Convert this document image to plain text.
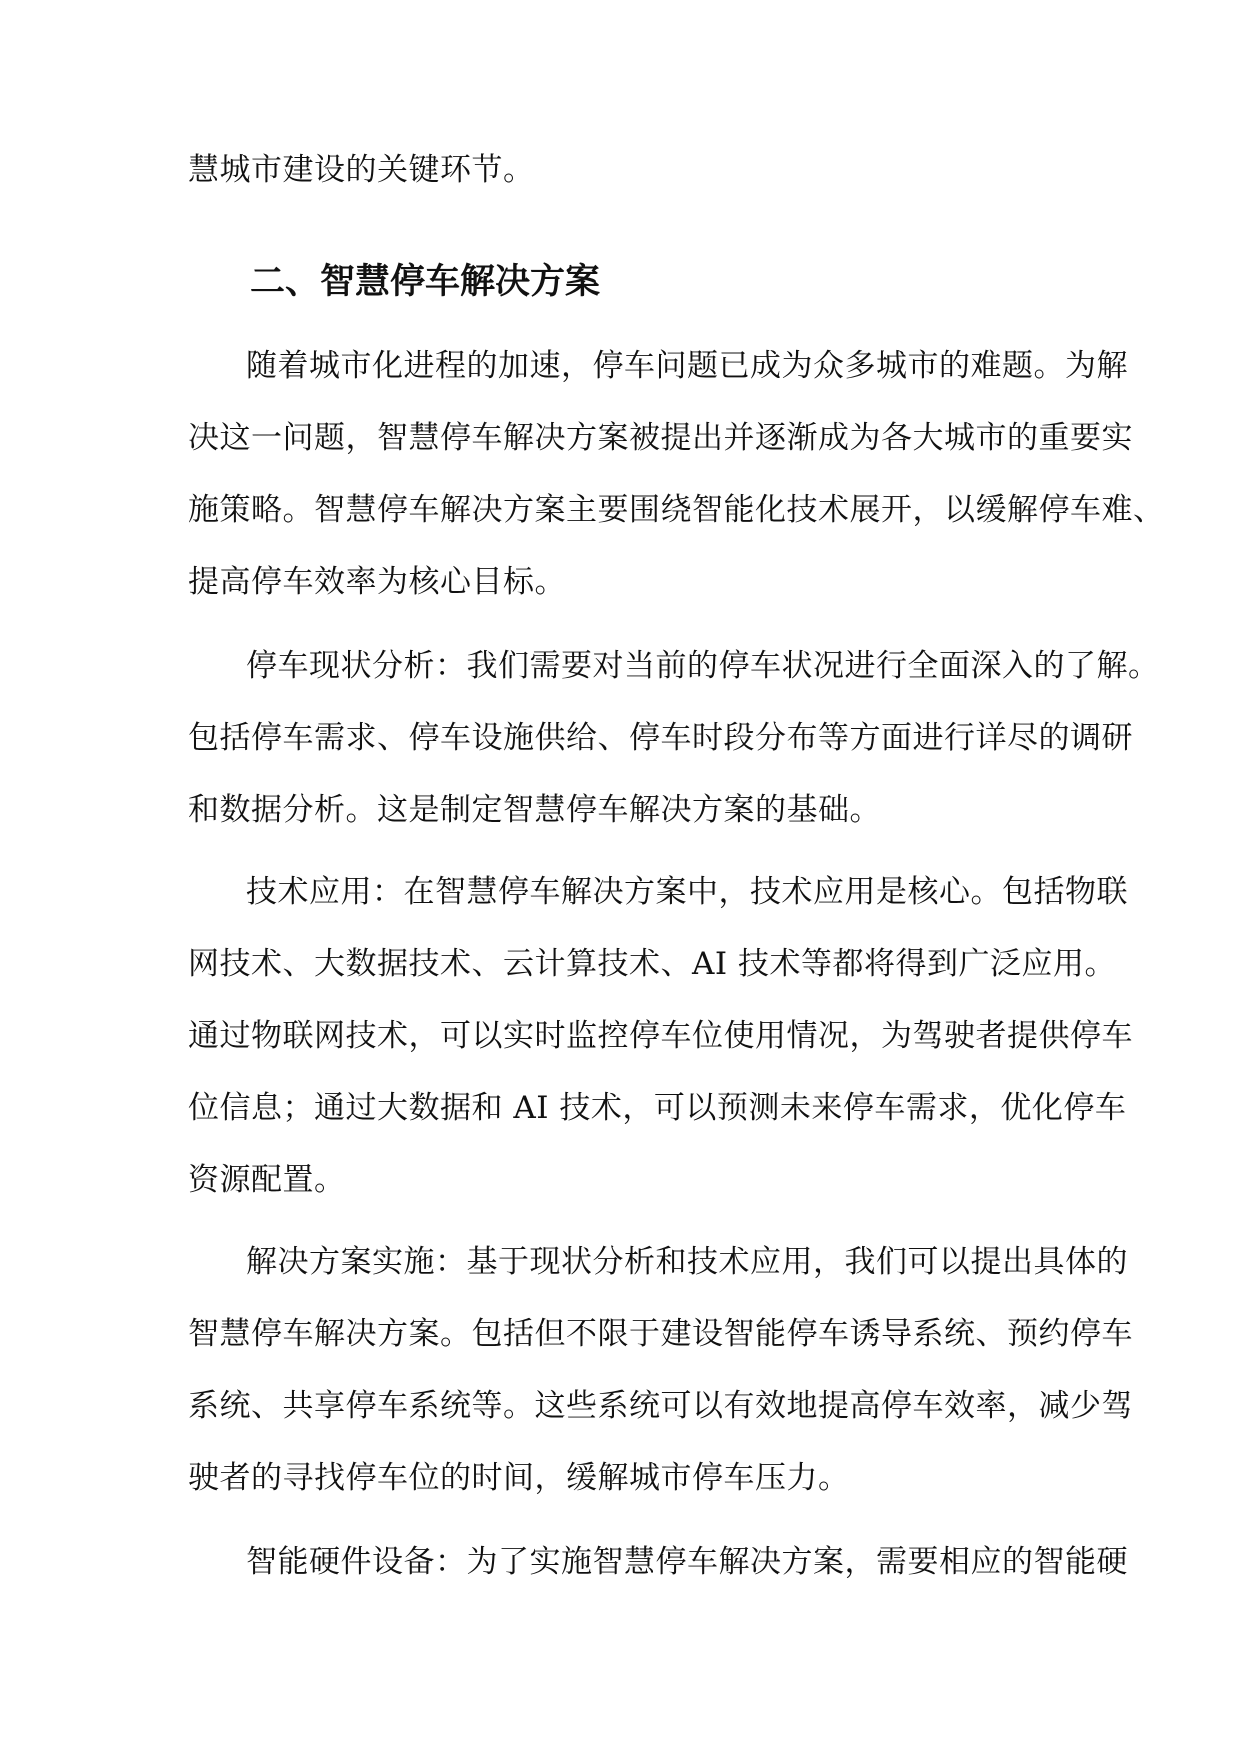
慧城市建设的关键环节。
二、智慧停车解决方案
随着城市化进程的加速，停车问题已成为众多城市的难题。为解
决这一问题，智慧停车解决方案被提出并逐渐成为各大城市的重要实
施策略。智慧停车解决方案主要围绕智能化技术展开，以缓解停车难、
提高停车效率为核心目标。
停车现状分析：我们需要对当前的停车状况进行全面深入的了解。
包括停车需求、停车设施供给、停车时段分布等方面进行详尽的调研
和数据分析。这是制定智慧停车解决方案的基础。
技术应用：在智慧停车解决方案中，技术应用是核心。包括物联
网技术、大数据技术、云计算技术、AI 技术等都将得到广泛应用。
通过物联网技术，可以实时监控停车位使用情况，为驾驶者提供停车
位信息；通过大数据和 AI 技术，可以预测未来停车需求，优化停车
资源配置。
解决方案实施：基于现状分析和技术应用，我们可以提出具体的
智慧停车解决方案。包括但不限于建设智能停车诱导系统、预约停车
系统、共享停车系统等。这些系统可以有效地提高停车效率，减少驾
驶者的寻找停车位的时间，缓解城市停车压力。
智能硬件设备：为了实施智慧停车解决方案，需要相应的智能硬
